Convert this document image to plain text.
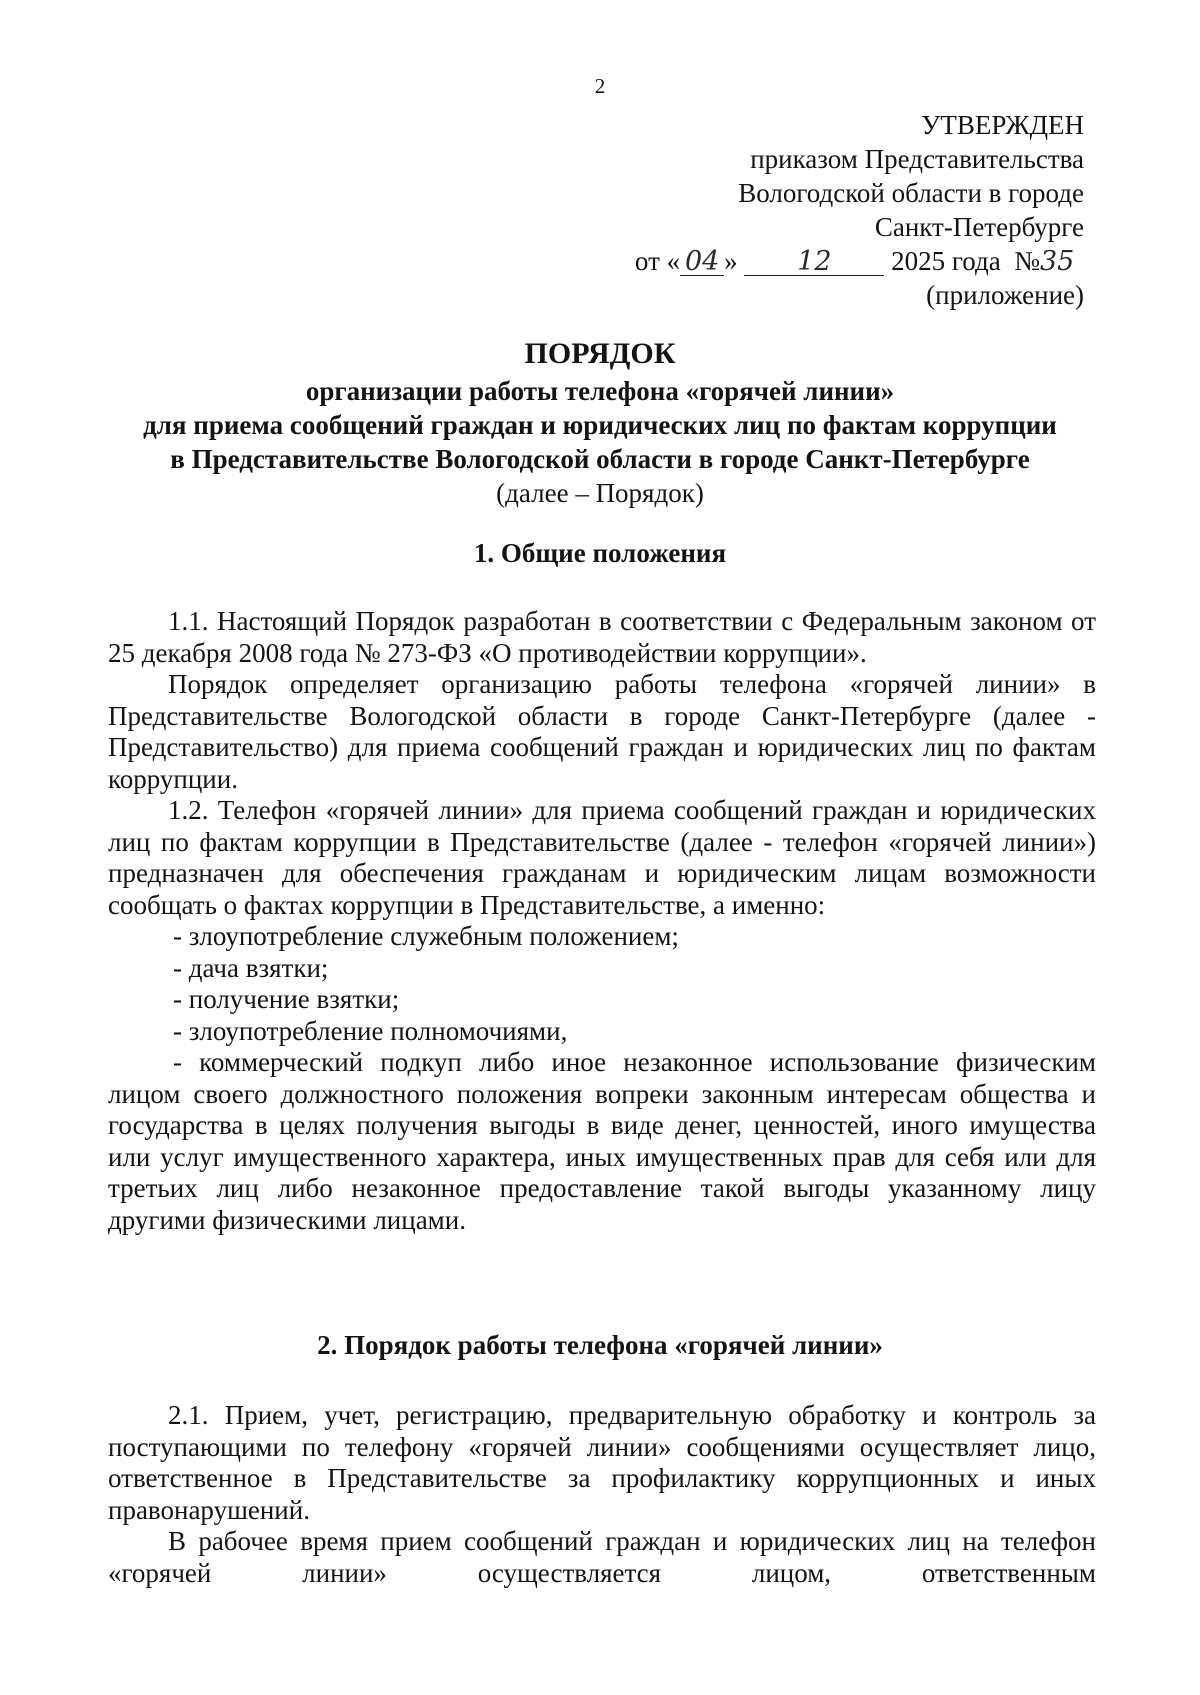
2
УТВЕРЖДЕН
приказом Представительства
Вологодской области в городе
Санкт-Петербурге
от « 04 » 12 2025 года №35
(приложение)
ПОРЯДОК
организации работы телефона «горячей линии»
для приема сообщений граждан и юридических лиц по фактам коррупции
в Представительстве Вологодской области в городе Санкт-Петербурге
(далее – Порядок)
1. Общие положения

1.1. Настоящий Порядок разработан в соответствии с Федеральным законом от 25 декабря 2008 года № 273-ФЗ «О противодействии коррупции».

Порядок определяет организацию работы телефона «горячей линии» в Представительстве Вологодской области в городе Санкт-Петербурге (далее - Представительство) для приема сообщений граждан и юридических лиц по фактам коррупции.

1.2. Телефон «горячей линии» для приема сообщений граждан и юридических лиц по фактам коррупции в Представительстве (далее - телефон «горячей линии») предназначен для обеспечения гражданам и юридическим лицам возможности сообщать о фактах коррупции в Представительстве, а именно:

- злоупотребление служебным положением;

- дача взятки;

- получение взятки;

- злоупотребление полномочиями,

- коммерческий подкуп либо иное незаконное использование физическим лицом своего должностного положения вопреки законным интересам общества и государства в целях получения выгоды в виде денег, ценностей, иного имущества или услуг имущественного характера, иных имущественных прав для себя или для третьих лиц либо незаконное предоставление такой выгоды указанному лицу другими физическими лицами.

2. Порядок работы телефона «горячей линии»

2.1. Прием, учет, регистрацию, предварительную обработку и контроль за поступающими по телефону «горячей линии» сообщениями осуществляет лицо, ответственное в Представительстве за профилактику коррупционных и иных правонарушений.

В рабочее время прием сообщений граждан и юридических лиц на телефон «горячей линии» осуществляется лицом, ответственным
